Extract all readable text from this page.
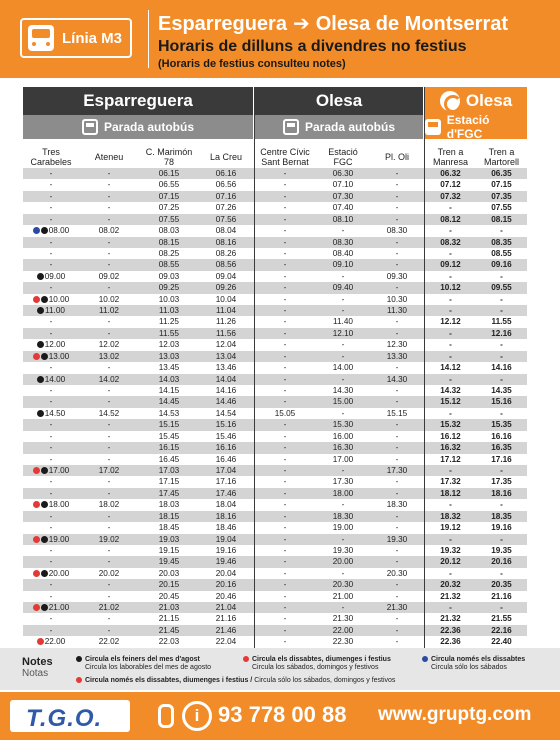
Línia M3
Esparreguera ➔ Olesa de Montserrat
Horaris de dilluns a divendres no festius
(Horaris de festius consulteu notes)
Esparreguera	Olesa	Olesa
Parada autobús	Parada autobús	Estació d'FGC
Tres
Carabeles	Ateneu	C. Marimón
78	La Creu	Centre Cívic
Sant Bernat
Estació
FGC	Pl. Oli	Tren a
Manresa
Tren a
Martorell
-	-	06.15	06.16	-	06.30	-	06.32	06.35
-	-	06.55	06.56	-	07.10	-	07.12	07.15
-	-	07.15	07.16	-	07.30	-	07.32	07.35
-	-	07.25	07.26	-	07.40	-	-	07.55
-	-	07.55	07.56	-	08.10	-	08.12	08.15
08.00	08.02	08.03	08.04	-	-	08.30	-	-
-	-	08.15	08.16	-	08.30	-	08.32	08.35
-	-	08.25	08.26	-	08.40	-	-	08.55
-	-	08.55	08.56	-	09.10	-	09.12	09.16
09.00	09.02	09.03	09.04	-	-	09.30	-	-
-	-	09.25	09.26	-	09.40	-	10.12	09.55
10.00	10.02	10.03	10.04	-	-	10.30	-	-
11.00	11.02	11.03	11.04	-	-	11.30	-	-
-	-	11.25	11.26	-	11.40	-	12.12	11.55
-	-	11.55	11.56	-	12.10	-	-	12.16
12.00	12.02	12.03	12.04	-	-	12.30	-	-
13.00	13.02	13.03	13.04	-	-	13.30	-	-
-	-	13.45	13.46	-	14.00	-	14.12	14.16
14.00	14.02	14.03	14.04	-	-	14.30	-	-
-	-	14.15	14.16	-	14.30	-	14.32	14.35
-	-	14.45	14.46	-	15.00	-	15.12	15.16
14.50	14.52	14.53	14.54	15.05	-	15.15	-	-
-	-	15.15	15.16	-	15.30	-	15.32	15.35
-	-	15.45	15.46	-	16.00	-	16.12	16.16
-	-	16.15	16.16	-	16.30	-	16.32	16.35
-	-	16.45	16.46	-	17.00	-	17.12	17.16
17.00	17.02	17.03	17.04	-	-	17.30	-	-
-	-	17.15	17.16	-	17.30	-	17.32	17.35
-	-	17.45	17.46	-	18.00	-	18.12	18.16
18.00	18.02	18.03	18.04	-	-	18.30	-	-
-	-	18.15	18.16	-	18.30	-	18.32	18.35
-	-	18.45	18.46	-	19.00	-	19.12	19.16
19.00	19.02	19.03	19.04	-	-	19.30	-	-
-	-	19.15	19.16	-	19.30	-	19.32	19.35
-	-	19.45	19.46	-	20.00	-	20.12	20.16
20.00	20.02	20.03	20.04	-	-	20.30	-	-
-	-	20.15	20.16	-	20.30	-	20.32	20.35
-	-	20.45	20.46	-	21.00	-	21.32	21.16
21.00	21.02	21.03	21.04	-	-	21.30	-	-
-	-	21.15	21.16	-	21.30	-	21.32	21.55
-	-	21.45	21.46	-	22.00	-	22.36	22.16
22.00	22.02	22.03	22.04	-	22.30	-	22.36	22.40
Notes
Notas
Circula els feiners del mes d'agost
Circula los laborables del mes de agosto
Circula els dissabtes, diumenges i festius
Circula los sábados, domingos y festivos
Circula només els dissabtes
Circula sólo los sábados
Circula només els dissabtes, diumenges i festius / Circula sólo los sábados, domingos y festivos
T.G.O.	i 93 778 00 88 www.gruptg.com
